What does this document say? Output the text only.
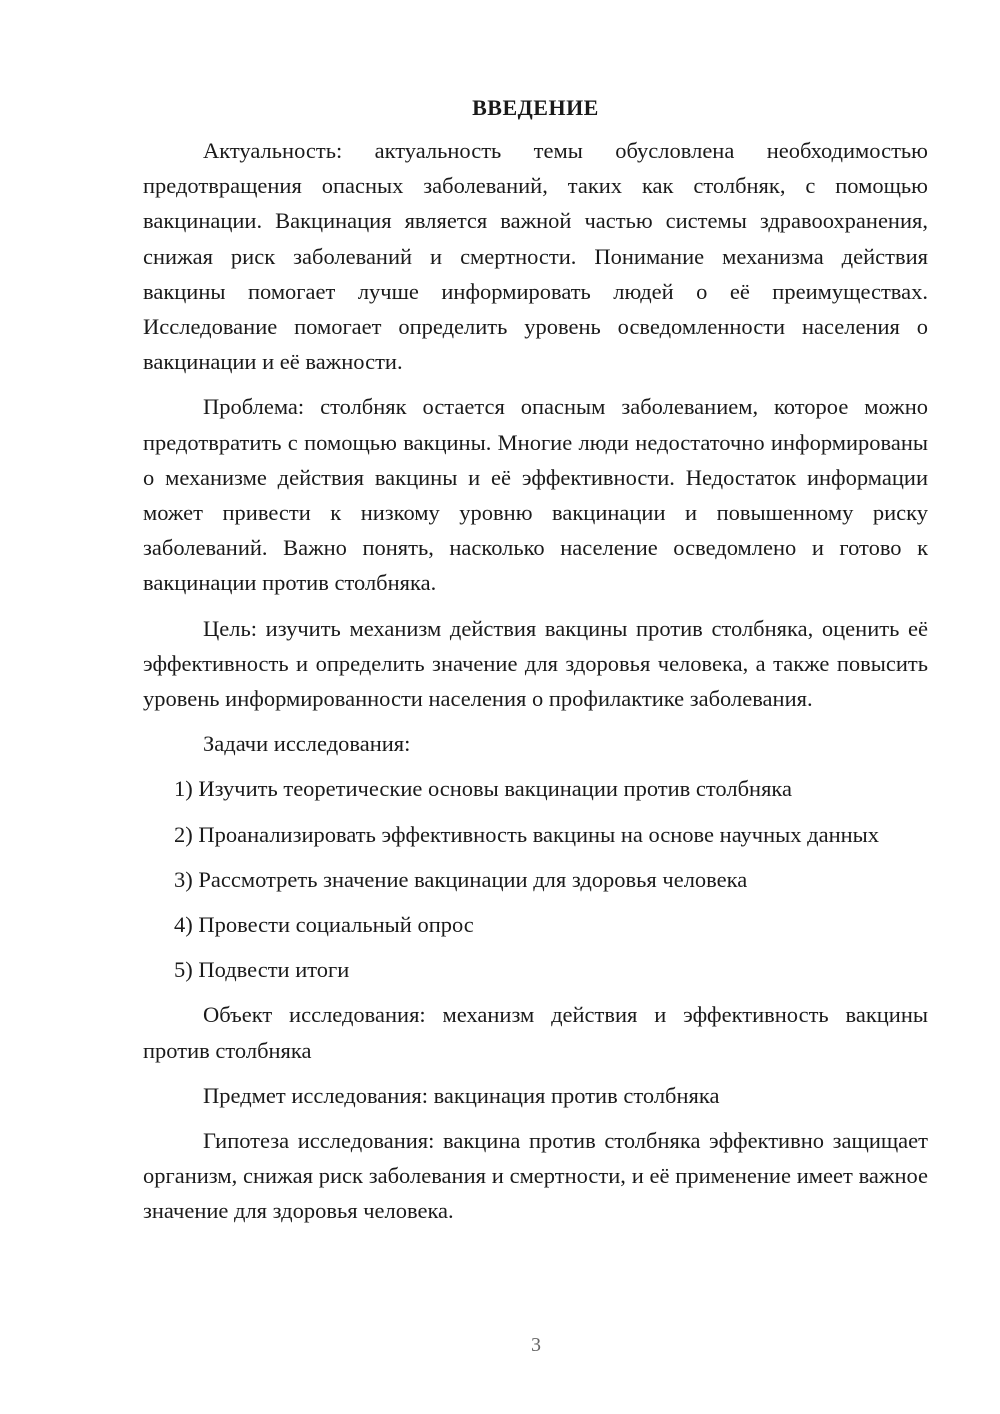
ВВЕДЕНИЕ

Актуальность: актуальность темы обусловлена необходимостью предотвращения опасных заболеваний, таких как столбняк, с помощью вакцинации. Вакцинация является важной частью системы здравоохранения, снижая риск заболеваний и смертности. Понимание механизма действия вакцины помогает лучше информировать людей о её преимуществах. Исследование помогает определить уровень осведомленности населения о вакцинации и её важности.

Проблема: столбняк остается опасным заболеванием, которое можно предотвратить с помощью вакцины. Многие люди недостаточно информированы о механизме действия вакцины и её эффективности. Недостаток информации может привести к низкому уровню вакцинации и повышенному риску заболеваний. Важно понять, насколько население осведомлено и готово к вакцинации против столбняка.

Цель: изучить механизм действия вакцины против столбняка, оценить её эффективность и определить значение для здоровья человека, а также повысить уровень информированности населения о профилактике заболевания.

Задачи исследования:

1) Изучить теоретические основы вакцинации против столбняка

2) Проанализировать эффективность вакцины на основе научных данных

3) Рассмотреть значение вакцинации для здоровья человека

4) Провести социальный опрос

5) Подвести итоги

Объект исследования: механизм действия и эффективность вакцины против столбняка

Предмет исследования: вакцинация против столбняка

Гипотеза исследования: вакцина против столбняка эффективно защищает организм, снижая риск заболевания и смертности, и её применение имеет важное значение для здоровья человека.

3
